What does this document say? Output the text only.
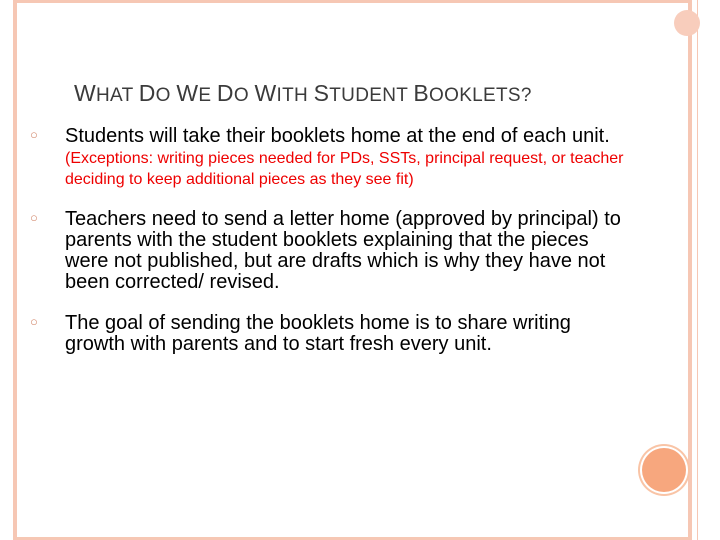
WHAT DO WE DO WITH STUDENT BOOKLETS?
○ Students will take their booklets home at the end of each unit. (Exceptions: writing pieces needed for PDs, SSTs, principal request, or teacher deciding to keep additional pieces as they see fit)
○ Teachers need to send a letter home (approved by principal) to parents with the student booklets explaining that the pieces were not published, but are drafts which is why they have not been corrected/ revised.
○ The goal of sending the booklets home is to share writing growth with parents and to start fresh every unit.
